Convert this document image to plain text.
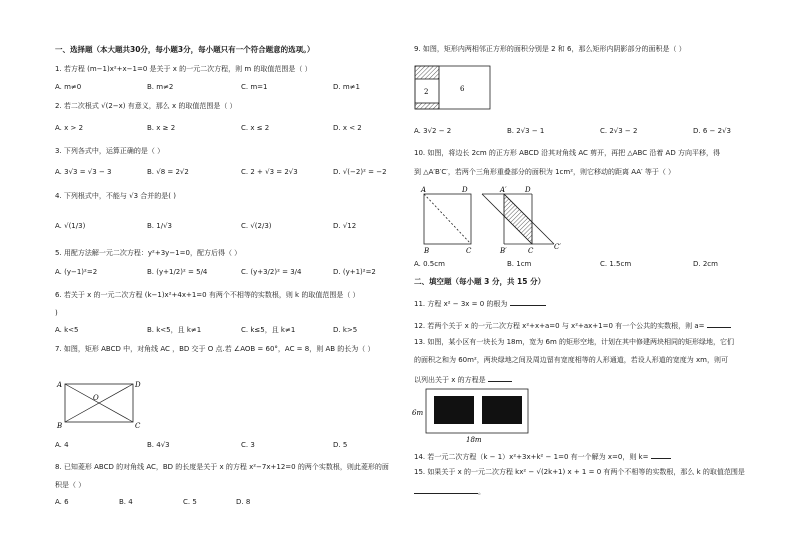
一、选择题（本大题共30分，每小题3分，每小题只有一个符合题意的选项。）
1. 若方程 (m−1)x²+x−1=0 是关于 x 的一元二次方程，则 m 的取值范围是（ ）
A. m≠0	B. m≠2	C. m=1	D. m≠1
2. 若二次根式 √(2−x) 有意义，那么 x 的取值范围是（ ）
A. x > 2	B. x ≥ 2	C. x ≤ 2	D. x < 2
3. 下列各式中，运算正确的是（ ）
A. 3√3 = √3 − 3	B. √8 = 2√2	C. 2 + √3 = 2√3	D. √(−2)² = −2
4. 下列根式中，不能与 √3 合并的是( )
A. √(1/3)	B. 1/√3	C. √(2/3)	D. √12
5. 用配方法解一元二次方程：y²+3y−1=0，配方后得（ ）
A. (y−1)²=2	B. (y+1/2)² = 5/4	C. (y+3/2)² = 3/4	D. (y+1)²=2
6. 若关于 x 的一元二次方程 (k−1)x²+4x+1=0 有两个不相等的实数根，则 k 的取值范围是（ ）
)
A. k<5	B. k<5，且 k≠1	C. k≤5，且 k≠1	D. k>5
7. 如图，矩形 ABCD 中，对角线 AC ，BD 交于 O 点.若 ∠AOB = 60°，AC = 8，则 AB 的长为（ ）
A	D
B	C
O
A. 4	B. 4√3	C. 3	D. 5
8. 已知菱形 ABCD 的对角线 AC，BD 的长度是关于 x 的方程 x²−7x+12=0 的两个实数根，则此菱形的面
积是（ ）
A. 6	B. 4	C. 5	D. 8
9. 如图，矩形内两相邻正方形的面积分别是 2 和 6，那么矩形内阴影部分的面积是（ ）
2	6
A. 3√2 − 2	B. 2√3 − 1	C. 2√3 − 2	D. 6 − 2√3
10. 如图，将边长 2cm 的正方形 ABCD 沿其对角线 AC 剪开，再把 △ABC 沿着 AD 方向平移，得
到 △A′B′C′，若两个三角形重叠部分的面积为 1cm²，则它移动的距离 AA′ 等于（ ）
A	D
B	C
A′	D
B′	C	C′
A. 0.5cm	B. 1cm	C. 1.5cm	D. 2cm
二、填空题（每小题 3 分，共 15 分）
11. 方程 x² − 3x = 0 的根为
12. 若两个关于 x 的一元二次方程 x²+x+a=0 与 x²+ax+1=0 有一个公共的实数根，则 a=
13. 如图，某小区有一块长为 18m，宽为 6m 的矩形空地，计划在其中修建两块相同的矩形绿地，它们
的面积之和为 60m²，两块绿地之间及周边留有宽度相等的人形通道，若设人形道的宽度为 xm，则可
以列出关于 x 的方程是
6m
18m
14. 若一元二次方程（k − 1）x²+3x+k² − 1=0 有一个解为 x=0，则 k=
15. 如果关于 x 的一元二次方程 kx² − √(2k+1) x + 1 = 0 有两个不相等的实数根，那么 k 的取值范围是
。
